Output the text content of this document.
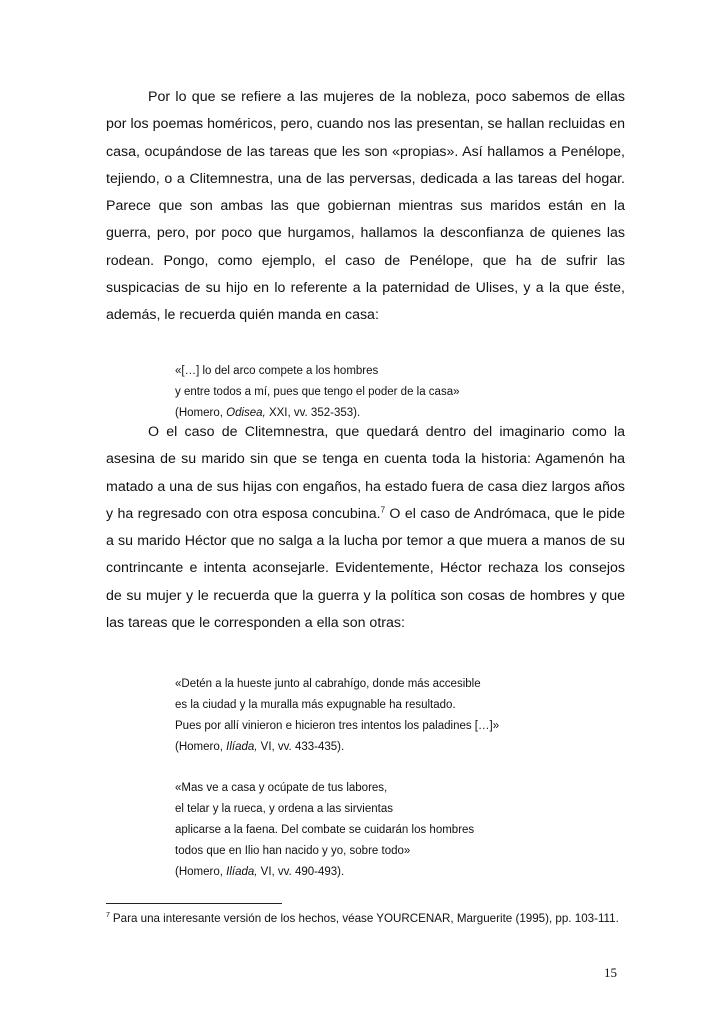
Por lo que se refiere a las mujeres de la nobleza, poco sabemos de ellas por los poemas homéricos, pero, cuando nos las presentan, se hallan recluidas en casa, ocupándose de las tareas que les son «propias». Así hallamos a Penélope, tejiendo, o a Clitemnestra, una de las perversas, dedicada a las tareas del hogar. Parece que son ambas las que gobiernan mientras sus maridos están en la guerra, pero, por poco que hurgamos, hallamos la desconfianza de quienes las rodean. Pongo, como ejemplo, el caso de Penélope, que ha de sufrir las suspicacias de su hijo en lo referente a la paternidad de Ulises, y a la que éste, además, le recuerda quién manda en casa:

«[…] lo del arco compete a los hombres
y entre todos a mí, pues que tengo el poder de la casa»
(Homero, Odisea, XXI, vv. 352-353).

O el caso de Clitemnestra, que quedará dentro del imaginario como la asesina de su marido sin que se tenga en cuenta toda la historia: Agamenón ha matado a una de sus hijas con engaños, ha estado fuera de casa diez largos años y ha regresado con otra esposa concubina.$^7$ O el caso de Andrómaca, que le pide a su marido Héctor que no salga a la lucha por temor a que muera a manos de su contrincante e intenta aconsejarle. Evidentemente, Héctor rechaza los consejos de su mujer y le recuerda que la guerra y la política son cosas de hombres y que las tareas que le corresponden a ella son otras:

«Detén a la hueste junto al cabrahígo, donde más accesible
es la ciudad y la muralla más expugnable ha resultado.
Pues por allí vinieron e hicieron tres intentos los paladines […]»
(Homero, Ilíada, VI, vv. 433-435).
«Mas ve a casa y ocúpate de tus labores,
el telar y la rueca, y ordena a las sirvientas
aplicarse a la faena. Del combate se cuidarán los hombres
todos que en Ilio han nacido y yo, sobre todo»
(Homero, Ilíada, VI, vv. 490-493).

$^7$ Para una interesante versión de los hechos, véase YOURCENAR, Marguerite (1995), pp. 103-111.

15
